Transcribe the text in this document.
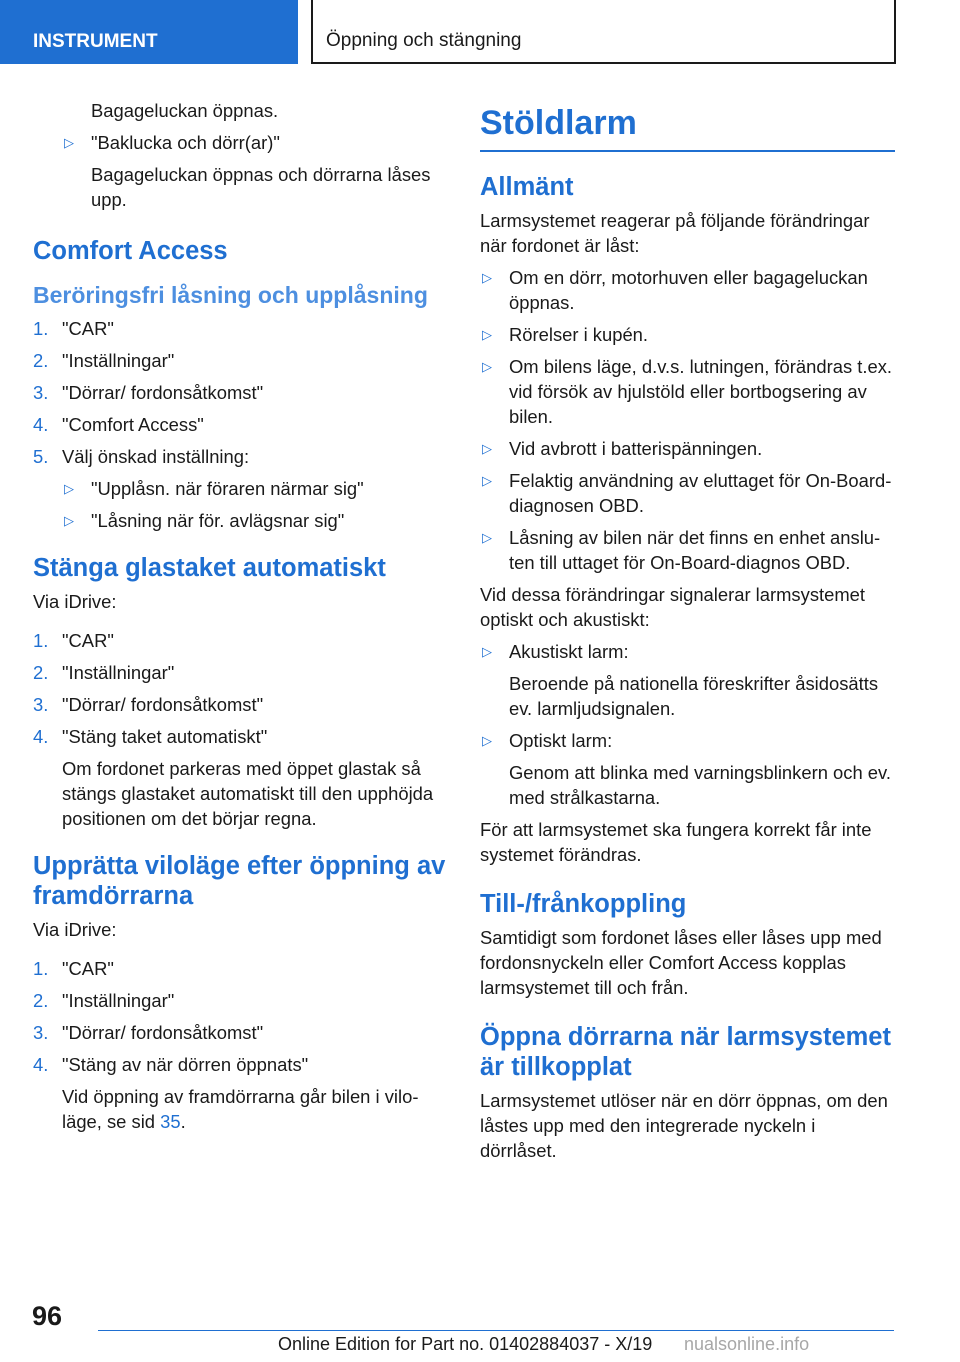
INSTRUMENT	Öppning och stängning

Bagageluckan öppnas.

▷ "Baklucka och dörr(ar)"
Bagageluckan öppnas och dörrarna låses upp.
Comfort Access
Beröringsfri låsning och upplåsning
1. "CAR"
2. "Inställningar"
3. "Dörrar/ fordonsåtkomst"
4. "Comfort Access"
5. Välj önskad inställning:
▷ "Upplåsn. när föraren närmar sig"
▷ "Låsning när för. avlägsnar sig"
Stänga glastaket automatiskt

Via iDrive:

1. "CAR"
2. "Inställningar"
3. "Dörrar/ fordonsåtkomst"
4. "Stäng taket automatiskt"
Om fordonet parkeras med öppet glastak så stängs glastaket automatiskt till den upphöjda positionen om det börjar regna.
Upprätta viloläge efter öppning av framdörrarna

Via iDrive:

1. "CAR"
2. "Inställningar"
3. "Dörrar/ fordonsåtkomst"
4. "Stäng av när dörren öppnats"
Vid öppning av framdörrarna går bilen i viloläge, se sid 35.
Stöldlarm
Allmänt

Larmsystemet reagerar på följande förändringar när fordonet är låst:

▷ Om en dörr, motorhuven eller bagageluckan öppnas.
▷ Rörelser i kupén.
▷ Om bilens läge, d.v.s. lutningen, förändras t.ex. vid försök av hjulstöld eller bortbogsering av bilen.
▷ Vid avbrott i batterispänningen.
▷ Felaktig användning av eluttaget för On-Board-diagnosen OBD.
▷ Låsning av bilen när det finns en enhet ansluten till uttaget för On-Board-diagnos OBD.

Vid dessa förändringar signalerar larmsystemet optiskt och akustiskt:

▷ Akustiskt larm:
Beroende på nationella föreskrifter åsidosätts ev. larmljudsignalen.
▷ Optiskt larm:
Genom att blinka med varningsblinkern och ev. med strålkastarna.

För att larmsystemet ska fungera korrekt får inte systemet förändras.

Till-/frånkoppling

Samtidigt som fordonet låses eller låses upp med fordonsnyckeln eller Comfort Access kopplas larmsystemet till och från.

Öppna dörrarna när larmsystemet är tillkopplat

Larmsystemet utlöser när en dörr öppnas, om den låstes upp med den integrerade nyckeln i dörrlåset.

96
Online Edition for Part no. 01402884037 - X/19 nualsonline.info
